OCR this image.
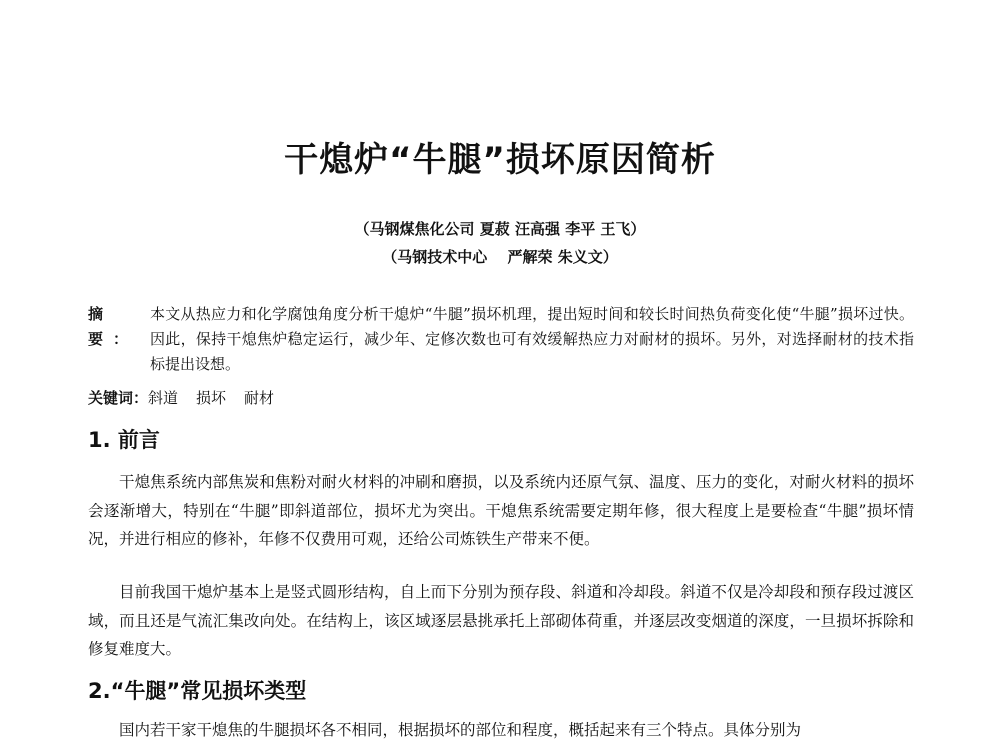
干熄炉“牛腿”损坏原因简析
（马钢煤焦化公司 夏菽 汪高强 李平 王飞）
（马钢技术中心　 严解荣 朱义文）
摘要：
本文从热应力和化学腐蚀角度分析干熄炉“牛腿”损坏机理，提出短时间和较长时间热负荷变化使“牛腿”损坏过快。因此，保持干熄焦炉稳定运行，减少年、定修次数也可有效缓解热应力对耐材的损坏。另外，对选择耐材的技术指标提出设想。
关键词：斜道 损坏 耐材
1. 前言

干熄焦系统内部焦炭和焦粉对耐火材料的冲刷和磨损，以及系统内还原气氛、温度、压力的变化，对耐火材料的损坏会逐渐增大，特别在“牛腿”即斜道部位，损坏尤为突出。干熄焦系统需要定期年修，很大程度上是要检查“牛腿”损坏情况，并进行相应的修补，年修不仅费用可观，还给公司炼铁生产带来不便。

目前我国干熄炉基本上是竖式圆形结构，自上而下分别为预存段、斜道和冷却段。斜道不仅是冷却段和预存段过渡区域，而且还是气流汇集改向处。在结构上，该区域逐层悬挑承托上部砌体荷重，并逐层改变烟道的深度，一旦损坏拆除和修复难度大。

2.“牛腿”常见损坏类型

国内若干家干熄焦的牛腿损坏各不相同，根据损坏的部位和程度，概括起来有三个特点。具体分别为
